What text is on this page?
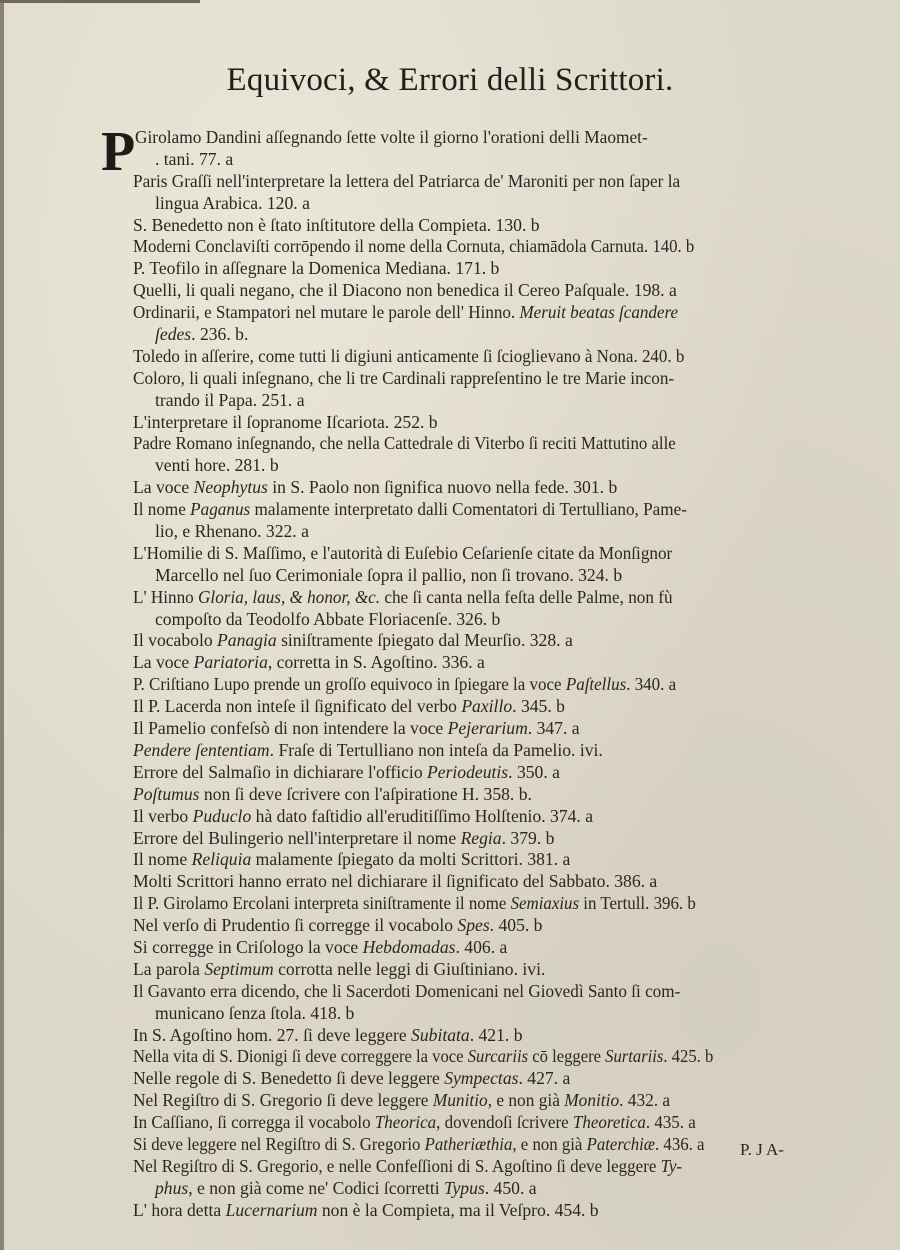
Equivoci, & Errori delli Scrittori.
P Girolamo Dandini aſſegnando ſette volte il giorno l'orationi delli Maomet-
. tani. 77. a
Paris Graſſi nell'interpretare la lettera del Patriarca de' Maroniti per non ſaper la
lingua Arabica. 120. a
S. Benedetto non è ſtato inſtitutore della Compieta. 130. b
Moderni Conclaviſti corrōpendo il nome della Cornuta, chiamādola Carnuta. 140. b
P. Teofilo in aſſegnare la Domenica Mediana. 171. b
Quelli, li quali negano, che il Diacono non benedica il Cereo Paſquale. 198. a
Ordinarii, e Stampatori nel mutare le parole dell' Hinno. Meruit beatas ſcandere
ſedes. 236. b.
Toledo in aſſerire, come tutti li digiuni anticamente ſi ſcioglievano à Nona. 240. b
Coloro, li quali inſegnano, che li tre Cardinali rappreſentino le tre Marie incon-
trando il Papa. 251. a
L'interpretare il ſopranome Iſcariota. 252. b
Padre Romano inſegnando, che nella Cattedrale di Viterbo ſi reciti Mattutino alle
venti hore. 281. b
La voce Neophytus in S. Paolo non ſignifica nuovo nella fede. 301. b
Il nome Paganus malamente interpretato dalli Comentatori di Tertulliano, Pame-
lio, e Rhenano. 322. a
L'Homilie di S. Maſſimo, e l'autorità di Euſebio Ceſarienſe citate da Monſignor
Marcello nel ſuo Cerimoniale ſopra il pallio, non ſi trovano. 324. b
L' Hinno Gloria, laus, & honor, &c. che ſi canta nella feſta delle Palme, non fù
compoſto da Teodolfo Abbate Floriacenſe. 326. b
Il vocabolo Panagia siniſtramente ſpiegato dal Meurſio. 328. a
La voce Pariatoria, corretta in S. Agoſtino. 336. a
P. Criſtiano Lupo prende un groſſo equivoco in ſpiegare la voce Paſtellus. 340. a
Il P. Lacerda non inteſe il ſignificato del verbo Paxillo. 345. b
Il Pamelio confeſsò di non intendere la voce Pejerarium. 347. a
Pendere ſententiam. Fraſe di Tertulliano non inteſa da Pamelio. ivi.
Errore del Salmaſio in dichiarare l'officio Periodeutis. 350. a
Poſtumus non ſi deve ſcrivere con l'aſpiratione H. 358. b.
Il verbo Puduclo hà dato faſtidio all'eruditiſſimo Holſtenio. 374. a
Errore del Bulingerio nell'interpretare il nome Regia. 379. b
Il nome Reliquia malamente ſpiegato da molti Scrittori. 381. a
Molti Scrittori hanno errato nel dichiarare il ſignificato del Sabbato. 386. a
Il P. Girolamo Ercolani interpreta siniſtramente il nome Semiaxius in Tertull. 396. b
Nel verſo di Prudentio ſi corregge il vocabolo Spes. 405. b
Si corregge in Criſologo la voce Hebdomadas. 406. a
La parola Septimum corrotta nelle leggi di Giuſtiniano. ivi.
Il Gavanto erra dicendo, che li Sacerdoti Domenicani nel Giovedì Santo ſi com-
municano ſenza ſtola. 418. b
In S. Agoſtino hom. 27. ſi deve leggere Subitata. 421. b
Nella vita di S. Dionigi ſi deve correggere la voce Surcariis cō leggere Surtariis. 425. b
Nelle regole di S. Benedetto ſi deve leggere Sympectas. 427. a
Nel Regiſtro di S. Gregorio ſi deve leggere Munitio, e non già Monitio. 432. a
In Caſſiano, ſi corregga il vocabolo Theorica, dovendoſi ſcrivere Theoretica. 435. a
Si deve leggere nel Regiſtro di S. Gregorio Patheriæthia, e non già Paterchiæ. 436. a
Nel Regiſtro di S. Gregorio, e nelle Confeſſioni di S. Agoſtino ſi deve leggere Ty-
phus, e non già come ne' Codici ſcorretti Typus. 450. a
L' hora detta Lucernarium non è la Compieta, ma il Veſpro. 454. b
P. J A-
